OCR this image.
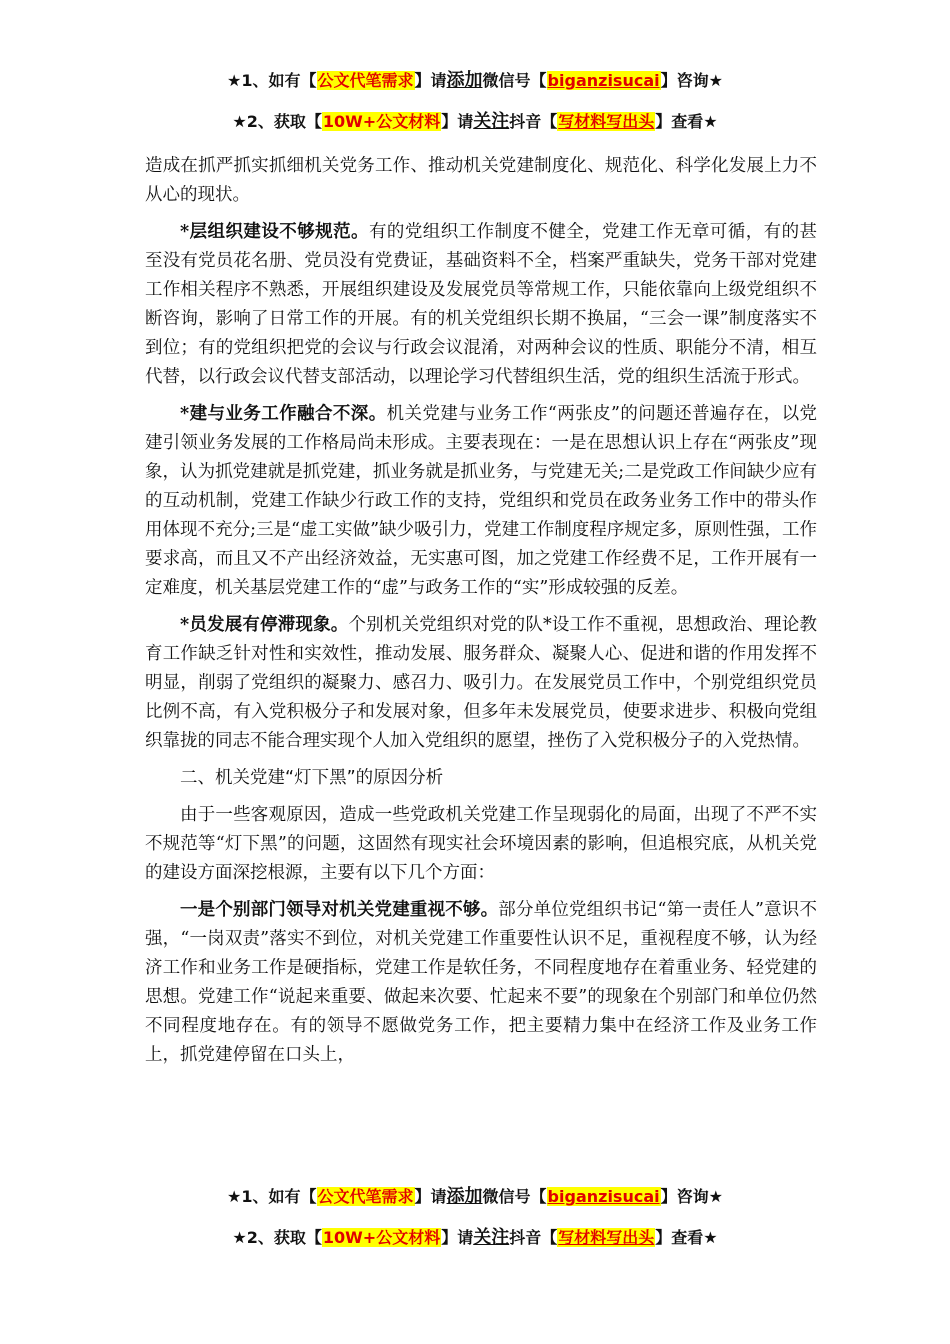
★1、如有【公文代笔需求】请添加微信号【biganzisucai】咨询★
★2、获取【10W+公文材料】请关注抖音【写材料写出头】查看★

造成在抓严抓实抓细机关党务工作、推动机关党建制度化、规范化、科学化发展上力不从心的现状。

*层组织建设不够规范。有的党组织工作制度不健全，党建工作无章可循，有的甚至没有党员花名册、党员没有党费证，基础资料不全，档案严重缺失，党务干部对党建工作相关程序不熟悉，开展组织建设及发展党员等常规工作，只能依靠向上级党组织不断咨询，影响了日常工作的开展。有的机关党组织长期不换届，“三会一课”制度落实不到位；有的党组织把党的会议与行政会议混淆，对两种会议的性质、职能分不清，相互代替，以行政会议代替支部活动，以理论学习代替组织生活，党的组织生活流于形式。

*建与业务工作融合不深。机关党建与业务工作“两张皮”的问题还普遍存在，以党建引领业务发展的工作格局尚未形成。主要表现在：一是在思想认识上存在“两张皮”现象，认为抓党建就是抓党建，抓业务就是抓业务，与党建无关;二是党政工作间缺少应有的互动机制，党建工作缺少行政工作的支持，党组织和党员在政务业务工作中的带头作用体现不充分;三是“虚工实做”缺少吸引力，党建工作制度程序规定多，原则性强，工作要求高，而且又不产出经济效益，无实惠可图，加之党建工作经费不足，工作开展有一定难度，机关基层党建工作的“虚”与政务工作的“实”形成较强的反差。

*员发展有停滞现象。个别机关党组织对党的队*设工作不重视，思想政治、理论教育工作缺乏针对性和实效性，推动发展、服务群众、凝聚人心、促进和谐的作用发挥不明显，削弱了党组织的凝聚力、感召力、吸引力。在发展党员工作中，个别党组织党员比例不高，有入党积极分子和发展对象，但多年未发展党员，使要求进步、积极向党组织靠拢的同志不能合理实现个人加入党组织的愿望，挫伤了入党积极分子的入党热情。

二、机关党建“灯下黑”的原因分析

由于一些客观原因，造成一些党政机关党建工作呈现弱化的局面，出现了不严不实不规范等“灯下黑”的问题，这固然有现实社会环境因素的影响，但追根究底，从机关党的建设方面深挖根源，主要有以下几个方面：

一是个别部门领导对机关党建重视不够。部分单位党组织书记“第一责任人”意识不强，“一岗双责”落实不到位，对机关党建工作重要性认识不足，重视程度不够，认为经济工作和业务工作是硬指标，党建工作是软任务，不同程度地存在着重业务、轻党建的思想。党建工作“说起来重要、做起来次要、忙起来不要”的现象在个别部门和单位仍然不同程度地存在。有的领导不愿做党务工作，把主要精力集中在经济工作及业务工作上，抓党建停留在口头上，

★1、如有【公文代笔需求】请添加微信号【biganzisucai】咨询★
★2、获取【10W+公文材料】请关注抖音【写材料写出头】查看★
